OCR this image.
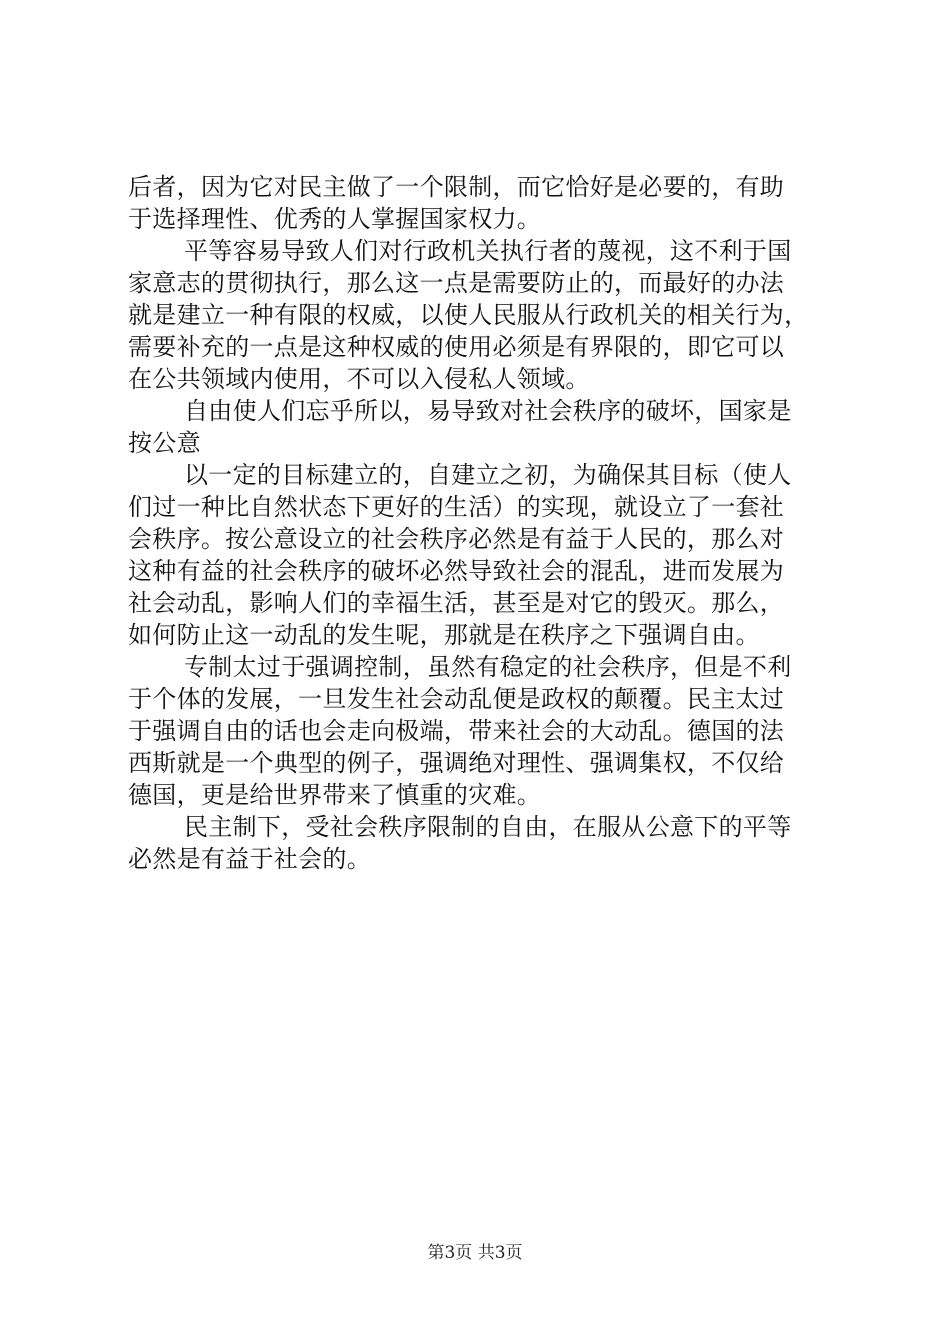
后者，因为它对民主做了一个限制，而它恰好是必要的，有助
于选择理性、优秀的人掌握国家权力。
平等容易导致人们对行政机关执行者的蔑视，这不利于国
家意志的贯彻执行，那么这一点是需要防止的，而最好的办法
就是建立一种有限的权威，以使人民服从行政机关的相关行为，
需要补充的一点是这种权威的使用必须是有界限的，即它可以
在公共领域内使用，不可以入侵私人领域。
自由使人们忘乎所以，易导致对社会秩序的破坏，国家是
按公意
以一定的目标建立的，自建立之初，为确保其目标（使人
们过一种比自然状态下更好的生活）的实现，就设立了一套社
会秩序。按公意设立的社会秩序必然是有益于人民的，那么对
这种有益的社会秩序的破坏必然导致社会的混乱，进而发展为
社会动乱，影响人们的幸福生活，甚至是对它的毁灭。那么，
如何防止这一动乱的发生呢，那就是在秩序之下强调自由。
专制太过于强调控制，虽然有稳定的社会秩序，但是不利
于个体的发展，一旦发生社会动乱便是政权的颠覆。民主太过
于强调自由的话也会走向极端，带来社会的大动乱。德国的法
西斯就是一个典型的例子，强调绝对理性、强调集权，不仅给
德国，更是给世界带来了慎重的灾难。
民主制下，受社会秩序限制的自由，在服从公意下的平等
必然是有益于社会的。
第3页 共3页
